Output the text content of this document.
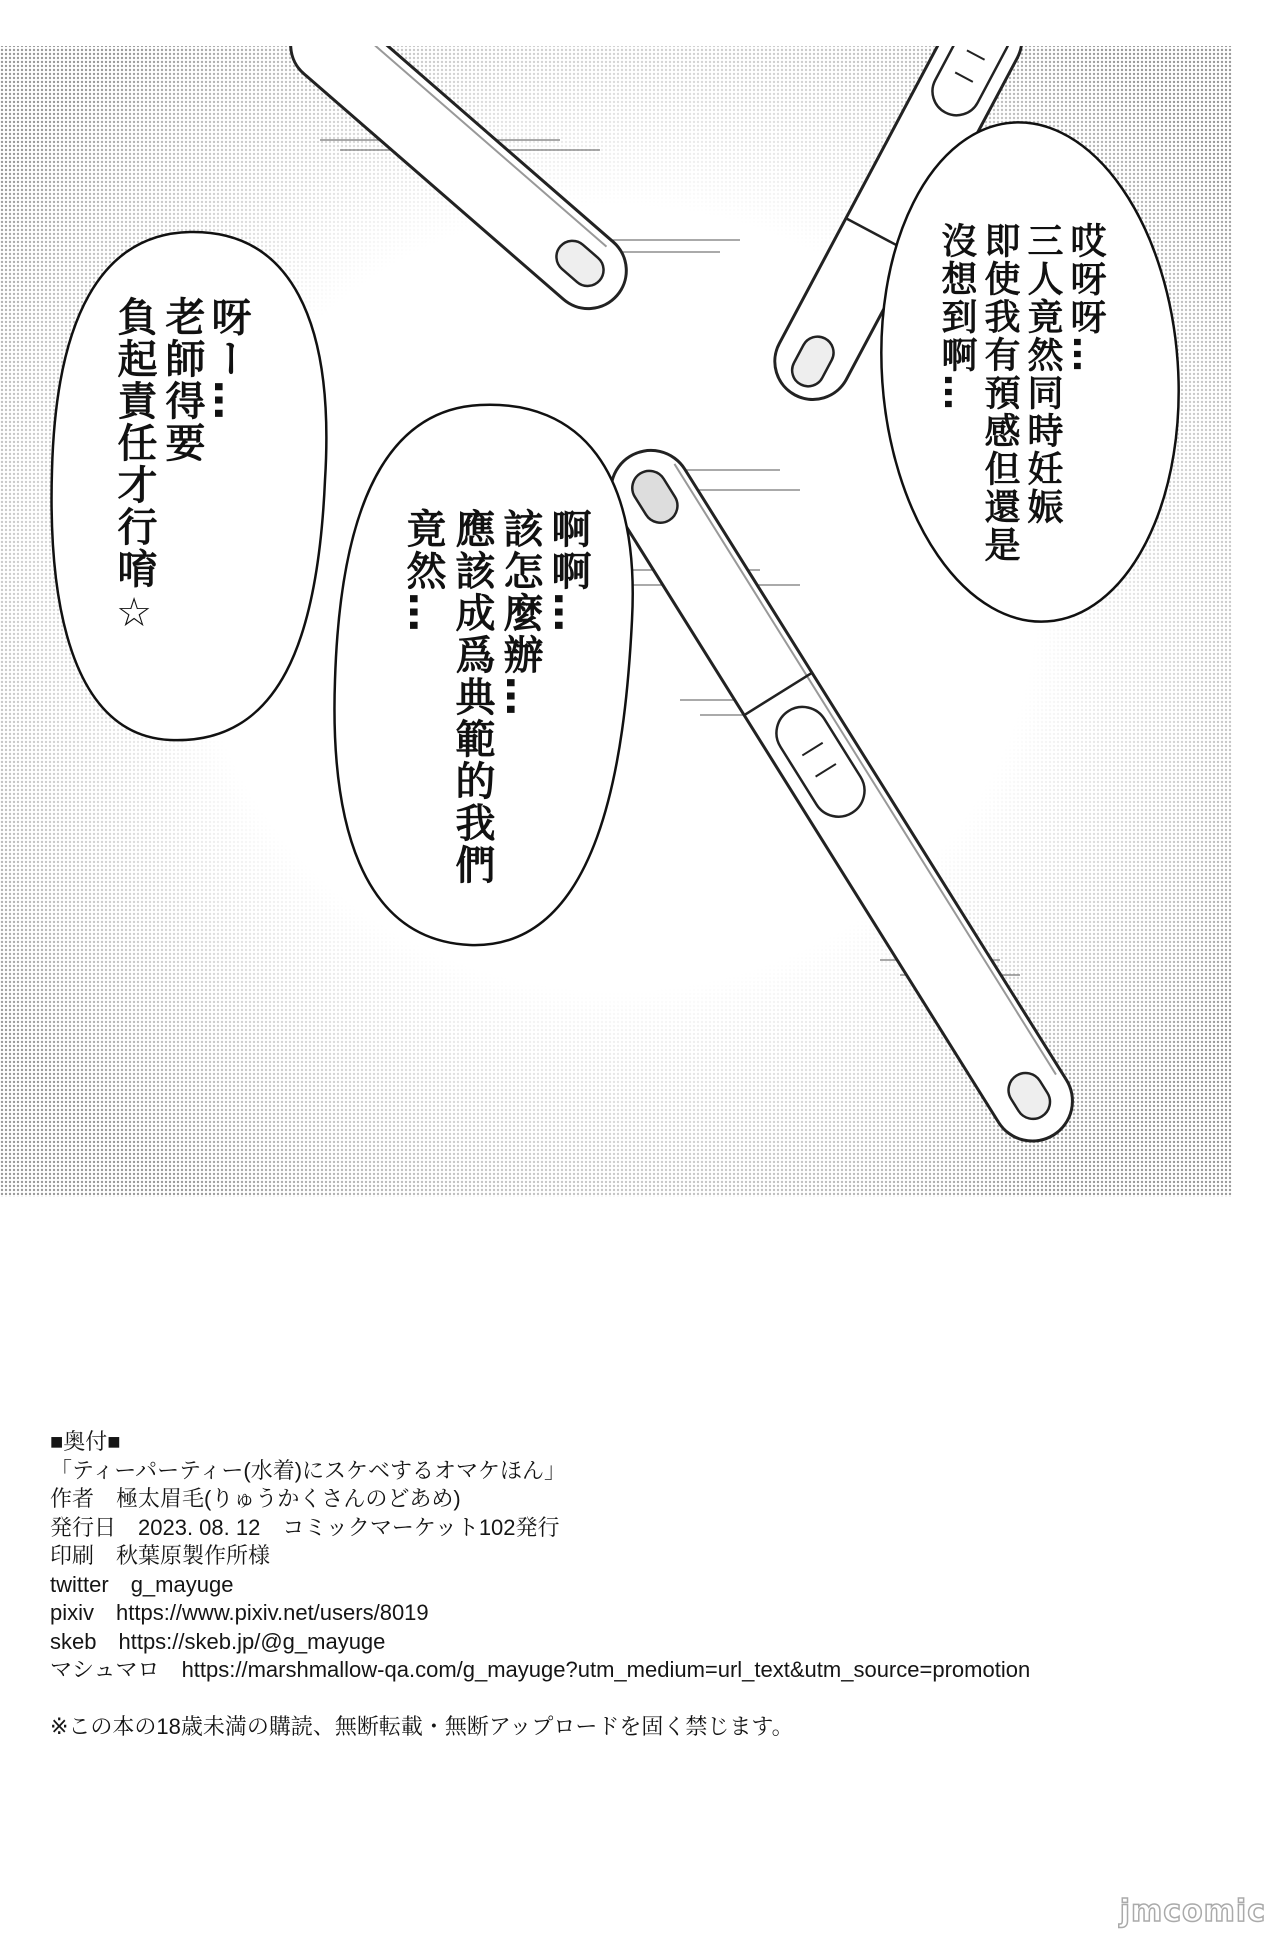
哎呀呀…
三人竟然同時妊娠
即使我有預感但還是
沒想到啊…
啊啊…
該怎麼辦…
應該成爲典範的我們
竟然…
呀ー…
老師得要
負起責任才行唷☆
■奥付■
「ティーパーティー(水着)にスケベするオマケほん」
作者 極太眉毛(りゅうかくさんのどあめ)
発行日 2023. 08. 12 コミックマーケット102発行
印刷 秋葉原製作所様
twitter g_mayuge
pixiv https://www.pixiv.net/users/8019
skeb https://skeb.jp/@g_mayuge
マシュマロ https://marshmallow-qa.com/g_mayuge?utm_medium=url_text&utm_source=promotion
※この本の18歳未満の購読、無断転載・無断アップロードを固く禁じます。
jmcomic
